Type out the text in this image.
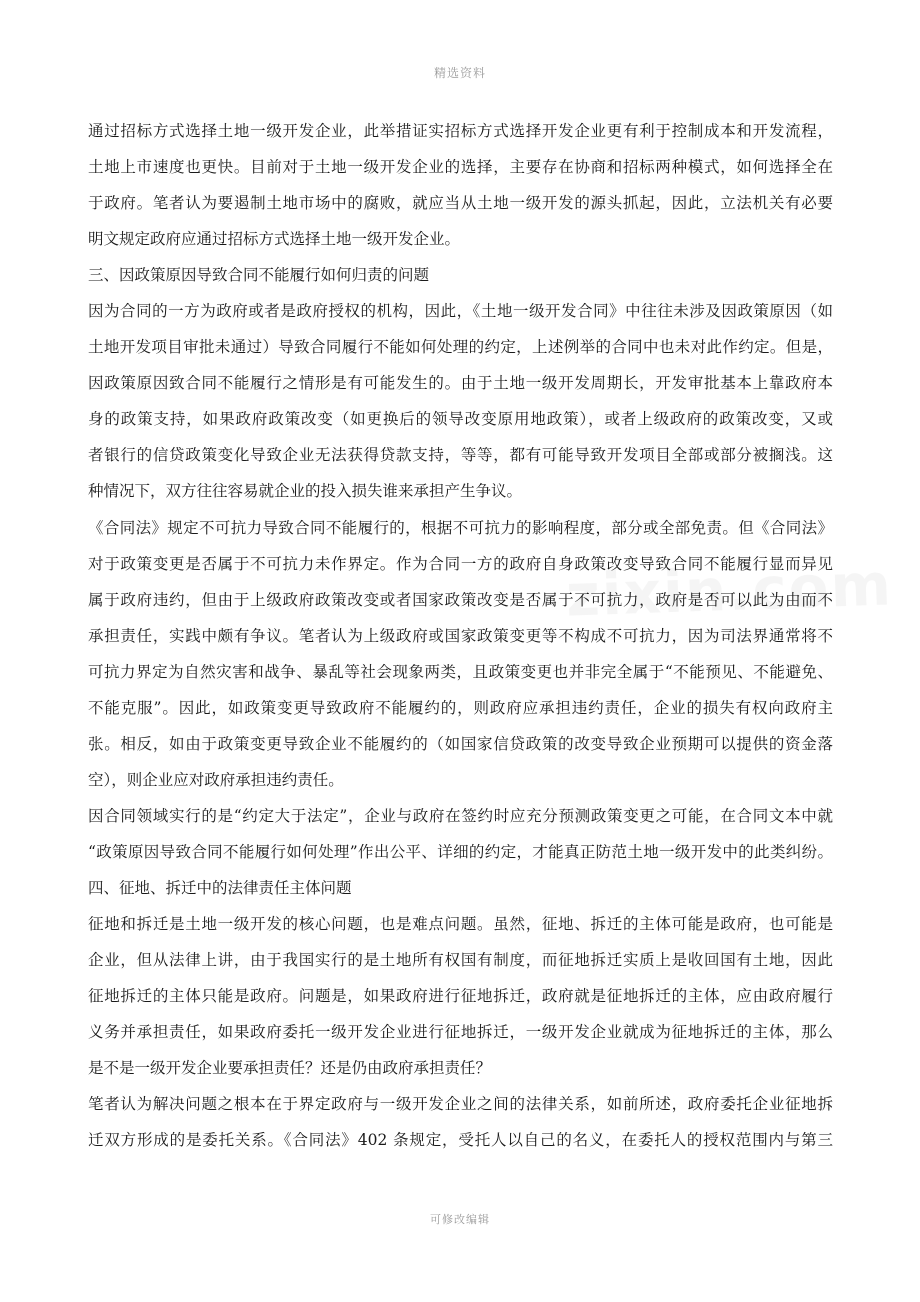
精选资料
通过招标方式选择土地一级开发企业，此举措证实招标方式选择开发企业更有利于控制成本和开发流程，
土地上市速度也更快。目前对于土地一级开发企业的选择，主要存在协商和招标两种模式，如何选择全在
于政府。笔者认为要遏制土地市场中的腐败，就应当从土地一级开发的源头抓起，因此，立法机关有必要
明文规定政府应通过招标方式选择土地一级开发企业。
三、因政策原因导致合同不能履行如何归责的问题
因为合同的一方为政府或者是政府授权的机构，因此，《土地一级开发合同》中往往未涉及因政策原因（如
土地开发项目审批未通过）导致合同履行不能如何处理的约定，上述例举的合同中也未对此作约定。但是，
因政策原因致合同不能履行之情形是有可能发生的。由于土地一级开发周期长，开发审批基本上靠政府本
身的政策支持，如果政府政策改变（如更换后的领导改变原用地政策），或者上级政府的政策改变，又或
者银行的信贷政策变化导致企业无法获得贷款支持，等等，都有可能导致开发项目全部或部分被搁浅。这
种情况下，双方往往容易就企业的投入损失谁来承担产生争议。
《合同法》规定不可抗力导致合同不能履行的，根据不可抗力的影响程度，部分或全部免责。但《合同法》
对于政策变更是否属于不可抗力未作界定。作为合同一方的政府自身政策改变导致合同不能履行显而异见
属于政府违约，但由于上级政府政策改变或者国家政策改变是否属于不可抗力，政府是否可以此为由而不
承担责任，实践中颇有争议。笔者认为上级政府或国家政策变更等不构成不可抗力，因为司法界通常将不
可抗力界定为自然灾害和战争、暴乱等社会现象两类，且政策变更也并非完全属于“不能预见、不能避免、
不能克服”。因此，如政策变更导致政府不能履约的，则政府应承担违约责任，企业的损失有权向政府主
张。相反，如由于政策变更导致企业不能履约的（如国家信贷政策的改变导致企业预期可以提供的资金落
空），则企业应对政府承担违约责任。
因合同领域实行的是“约定大于法定”，企业与政府在签约时应充分预测政策变更之可能，在合同文本中就
“政策原因导致合同不能履行如何处理”作出公平、详细的约定，才能真正防范土地一级开发中的此类纠纷。
四、征地、拆迁中的法律责任主体问题
征地和拆迁是土地一级开发的核心问题，也是难点问题。虽然，征地、拆迁的主体可能是政府，也可能是
企业，但从法律上讲，由于我国实行的是土地所有权国有制度，而征地拆迁实质上是收回国有土地，因此
征地拆迁的主体只能是政府。问题是，如果政府进行征地拆迁，政府就是征地拆迁的主体，应由政府履行
义务并承担责任，如果政府委托一级开发企业进行征地拆迁，一级开发企业就成为征地拆迁的主体，那么
是不是一级开发企业要承担责任？还是仍由政府承担责任？
笔者认为解决问题之根本在于界定政府与一级开发企业之间的法律关系，如前所述，政府委托企业征地拆
迁双方形成的是委托关系。《合同法》402 条规定，受托人以自己的名义，在委托人的授权范围内与第三
可修改编辑
